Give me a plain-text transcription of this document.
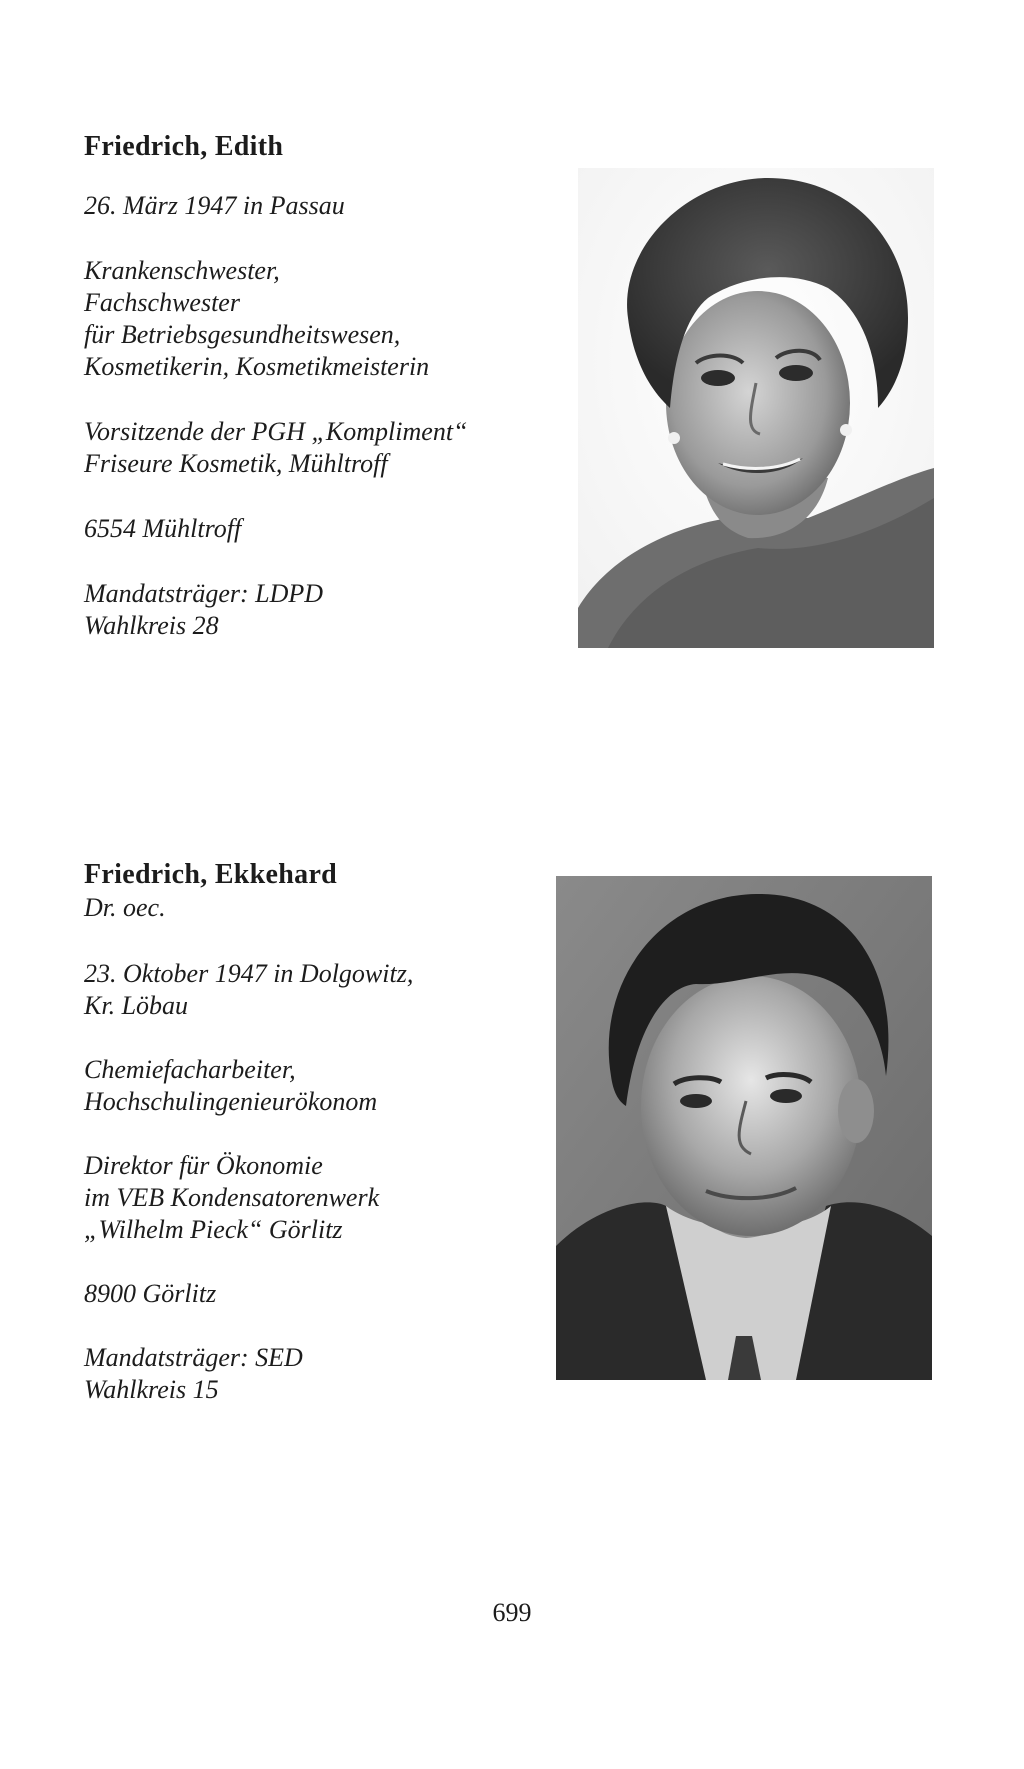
Friedrich, Edith

26. März 1947 in Passau

Krankenschwester,
Fachschwester
für Betriebsgesundheitswesen,
Kosmetikerin, Kosmetikmeisterin

Vorsitzende der PGH „Kompliment“
Friseure Kosmetik, Mühltroff

6554 Mühltroff

Mandatsträger: LDPD
Wahlkreis 28

Friedrich, Ekkehard

Dr. oec.

23. Oktober 1947 in Dolgowitz,
Kr. Löbau

Chemiefacharbeiter,
Hochschulingenieurökonom

Direktor für Ökonomie
im VEB Kondensatorenwerk
„Wilhelm Pieck“ Görlitz

8900 Görlitz

Mandatsträger: SED
Wahlkreis 15

699
